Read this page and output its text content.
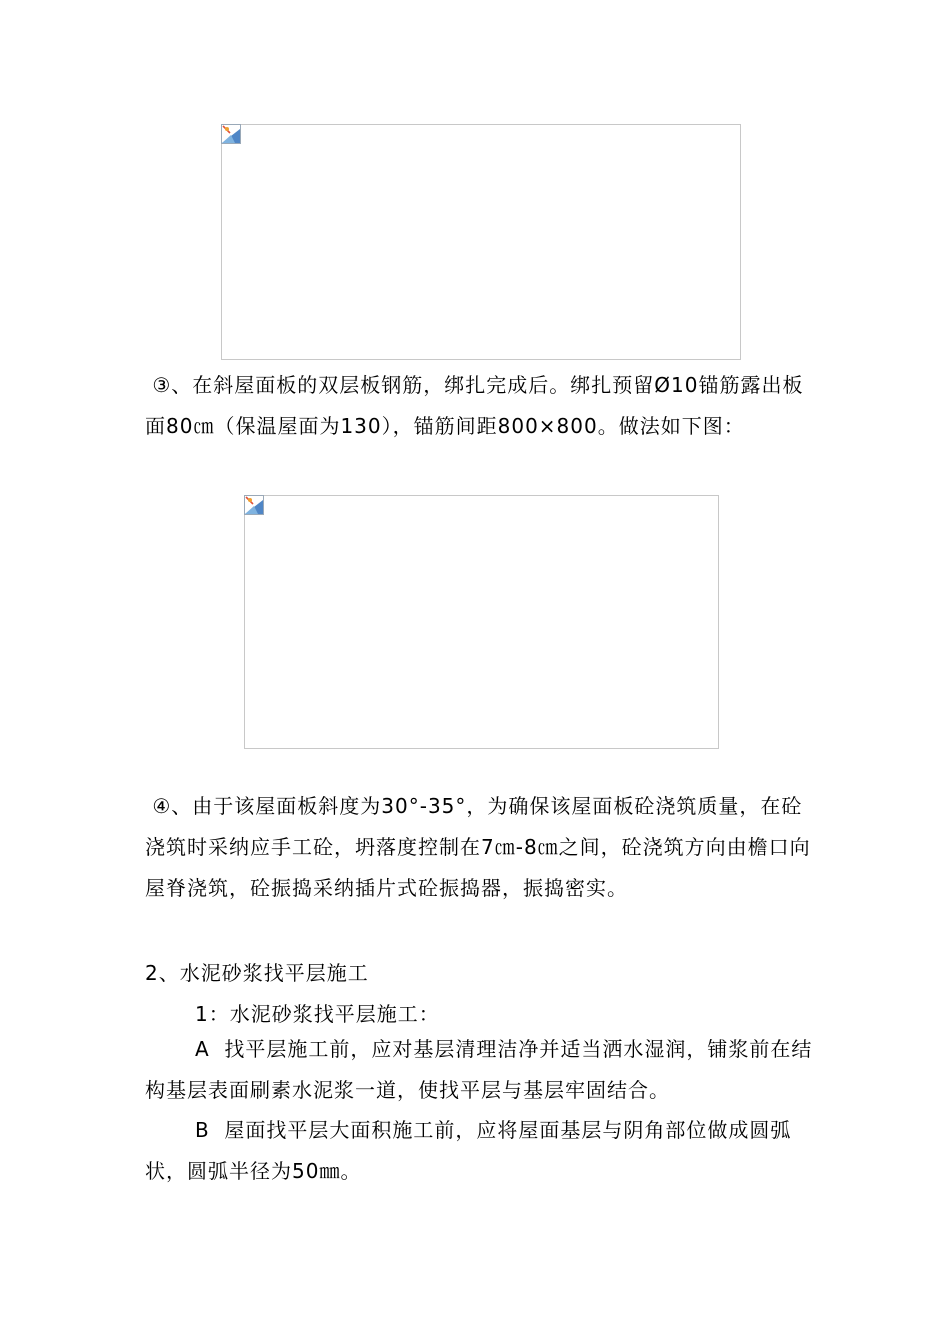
③、在斜屋面板的双层板钢筋，绑扎完成后。绑扎预留Ø10锚筋露出板面80㎝（保温屋面为130），锚筋间距800×800。做法如下图：
④、由于该屋面板斜度为30°-35°，为确保该屋面板砼浇筑质量，在砼浇筑时采纳应手工砼，坍落度控制在7㎝-8㎝之间，砼浇筑方向由檐口向屋脊浇筑，砼振捣采纳插片式砼振捣器，振捣密实。
2、水泥砂浆找平层施工
1：水泥砂浆找平层施工：
A  找平层施工前，应对基层清理洁净并适当洒水湿润，铺浆前在结构基层表面刷素水泥浆一道，使找平层与基层牢固结合。
B  屋面找平层大面积施工前，应将屋面基层与阴角部位做成圆弧状，圆弧半径为50㎜。
